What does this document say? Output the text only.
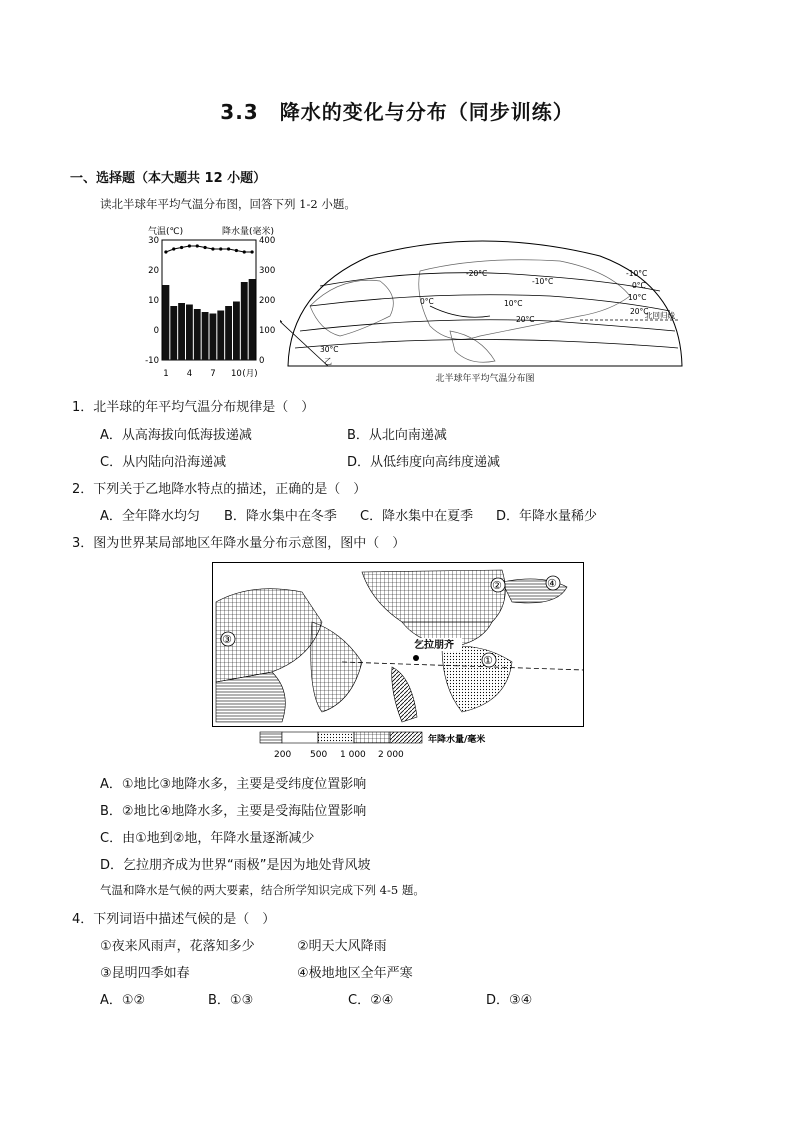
3.3　降水的变化与分布（同步训练）
一、选择题（本大题共 12 小题）
读北半球年平均气温分布图，回答下列 1-2 小题。
气温(℃)	降水量(毫米)
30
20
10
0
-10
400
300
200
100
0
1 4 7 10 (月)
-20°C
-10°C
0°C
-10°C
0°C
10°C
20°C
10°C
20°C
30°C
北回归线
乙
北半球年平均气温分布图
1．北半球的年平均气温分布规律是（　）
A．从高海拔向低海拔递减	B．从北向南递减
C．从内陆向沿海递减	D．从低纬度向高纬度递减
2．下列关于乙地降水特点的描述，正确的是（　）
A．全年降水均匀 B．降水集中在冬季 C．降水集中在夏季 D．年降水量稀少
3．图为世界某局部地区年降水量分布示意图，图中（　）
①
②
③
④
乞拉朋齐
200 500 1 000 2 000
年降水量/毫米
A．①地比③地降水多，主要是受纬度位置影响
B．②地比④地降水多，主要是受海陆位置影响
C．由①地到②地，年降水量逐渐减少
D．乞拉朋齐成为世界“雨极”是因为地处背风坡
气温和降水是气候的两大要素，结合所学知识完成下列 4-5 题。
4．下列词语中描述气候的是（　）
①夜来风雨声，花落知多少	②明天大风降雨
③昆明四季如春	④极地地区全年严寒
A．①②	B．①③	C．②④	D．③④
